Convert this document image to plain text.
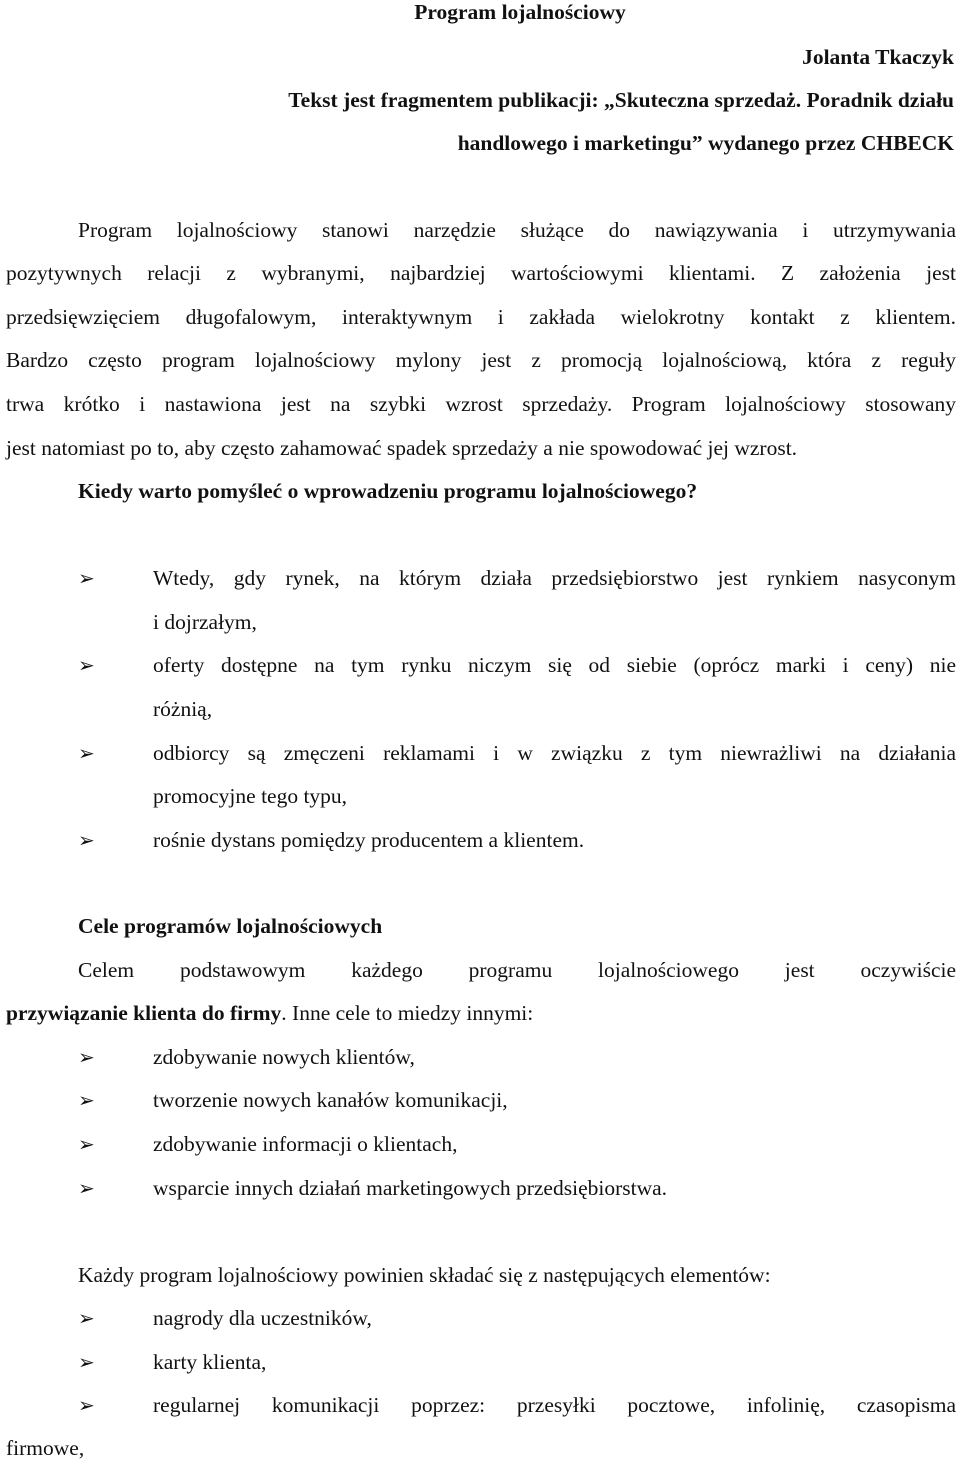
Program lojalnościowy
Jolanta Tkaczyk
Tekst jest fragmentem publikacji: „Skuteczna sprzedaż. Poradnik działu
handlowego i marketingu” wydanego przez CHBECK
Program lojalnościowy stanowi narzędzie służące do nawiązywania i utrzymywania
pozytywnych relacji z wybranymi, najbardziej wartościowymi klientami. Z założenia jest
przedsięwzięciem długofalowym, interaktywnym i zakłada wielokrotny kontakt z klientem.
Bardzo często program lojalnościowy mylony jest z promocją lojalnościową, która z reguły
trwa krótko i nastawiona jest na szybki wzrost sprzedaży. Program lojalnościowy stosowany
jest natomiast po to, aby często zahamować spadek sprzedaży a nie spowodować jej wzrost.
Kiedy warto pomyśleć o wprowadzeniu programu lojalnościowego?
➢	Wtedy, gdy rynek, na którym działa przedsiębiorstwo jest rynkiem nasyconym
i dojrzałym,
➢	oferty dostępne na tym rynku niczym się od siebie (oprócz marki i ceny) nie
różnią,
➢	odbiorcy są zmęczeni reklamami i w związku z tym niewrażliwi na działania
promocyjne tego typu,
➢	rośnie dystans pomiędzy producentem a klientem.
Cele programów lojalnościowych
Celem podstawowym każdego programu lojalnościowego jest oczywiście
przywiązanie klienta do firmy. Inne cele to miedzy innymi:
➢	zdobywanie nowych klientów,
➢	tworzenie nowych kanałów komunikacji,
➢	zdobywanie informacji o klientach,
➢	wsparcie innych działań marketingowych przedsiębiorstwa.
Każdy program lojalnościowy powinien składać się z następujących elementów:
➢	nagrody dla uczestników,
➢	karty klienta,
➢	regularnej komunikacji poprzez: przesyłki pocztowe, infolinię, czasopisma
firmowe,
